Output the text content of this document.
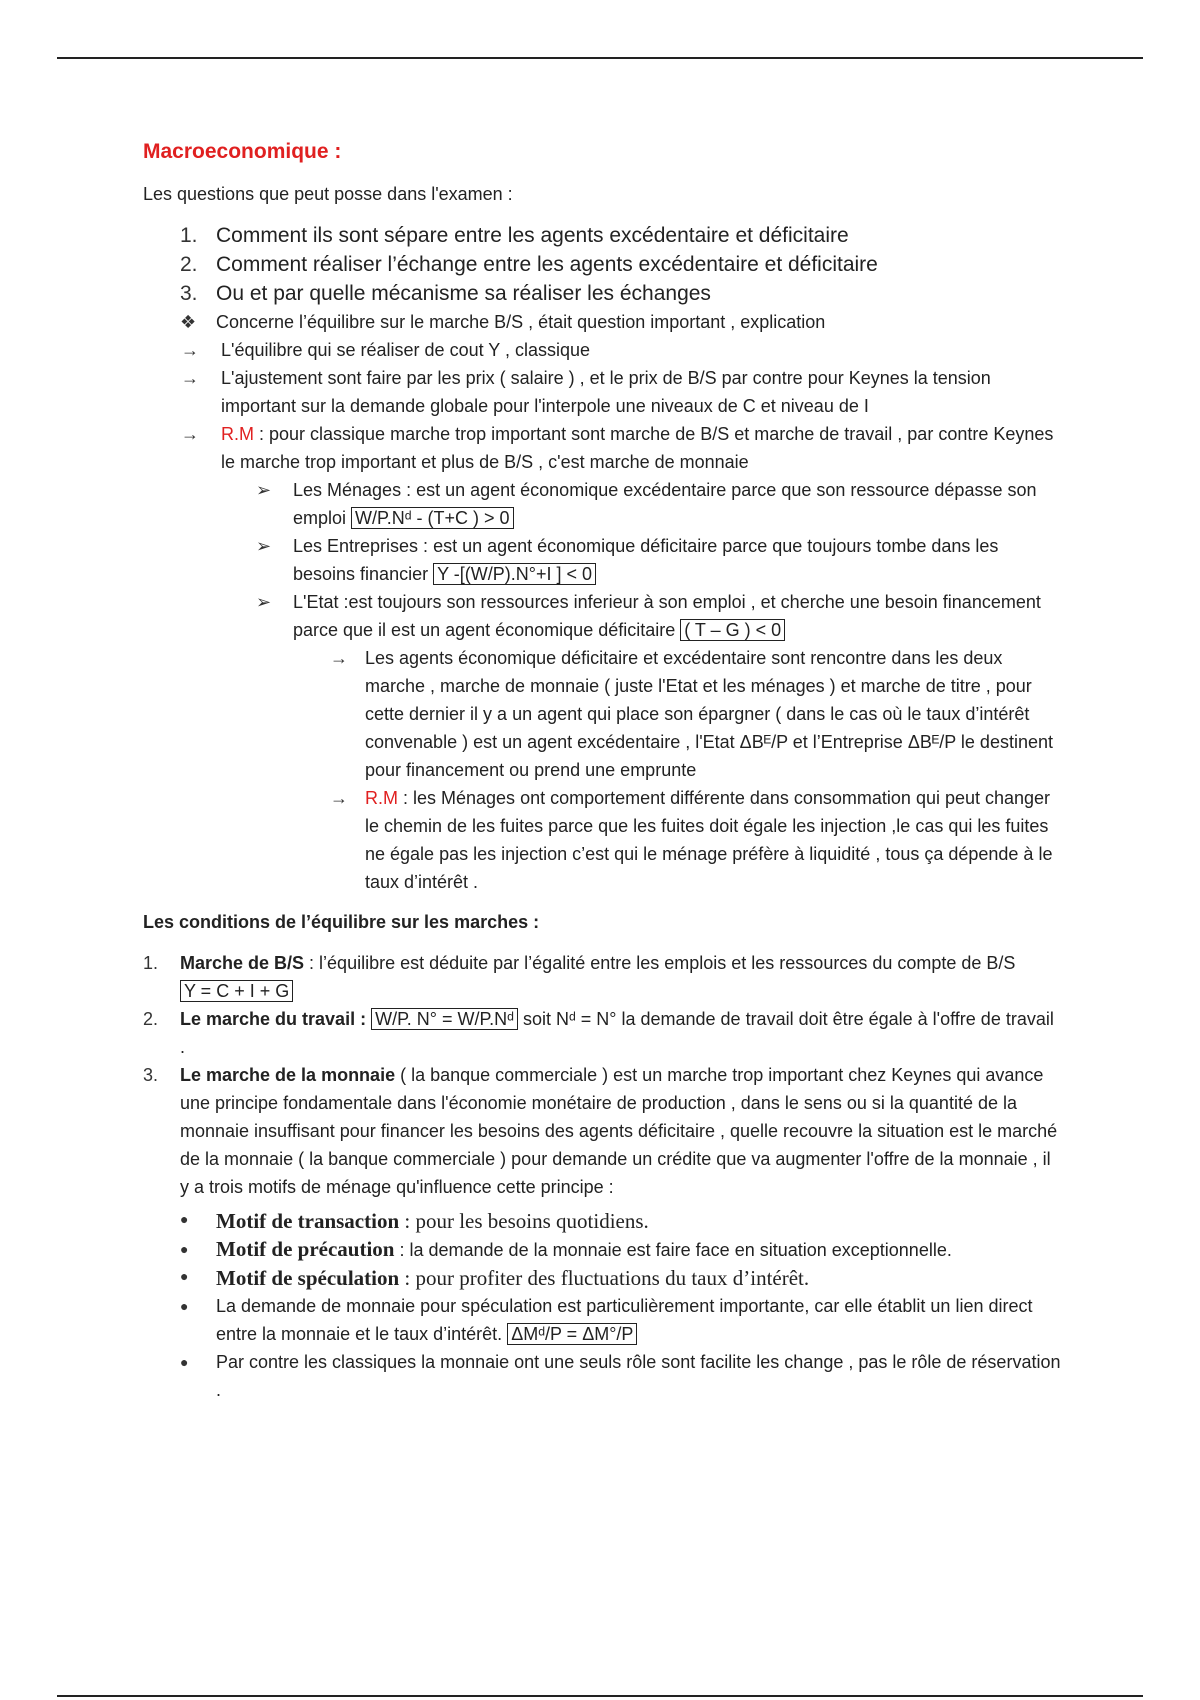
Macroeconomique :
Les questions que peut posse dans l'examen :
1. Comment ils sont sépare entre les agents excédentaire et déficitaire
2. Comment réaliser l’échange entre les agents excédentaire et déficitaire
3. Ou et par quelle mécanisme sa réaliser les échanges
❖ Concerne l’équilibre sur le marche B/S , était question important , explication
→ L'équilibre qui se réaliser de cout Y , classique
→ L'ajustement sont faire par les prix ( salaire ) , et le prix de B/S par contre pour Keynes la tension important sur la demande globale pour l'interpole une niveaux de C et niveau de I
→ R.M : pour classique marche trop important sont marche de B/S et marche de travail , par contre Keynes le marche trop important et plus de B/S , c'est marche de monnaie
➢ Les Ménages : est un agent économique excédentaire parce que son ressource dépasse son emploi W/P.Nᵈ - (T+C ) > 0
➢ Les Entreprises : est un agent économique déficitaire parce que toujours tombe dans les besoins financier Y -[(W/P).N°+I ] < 0
➢ L'Etat :est toujours son ressources inferieur à son emploi , et cherche une besoin financement parce que il est un agent économique déficitaire ( T – G ) < 0
→ Les agents économique déficitaire et excédentaire sont rencontre dans les deux marche , marche de monnaie ( juste l'Etat et les ménages ) et marche de titre , pour cette dernier il y a un agent qui place son épargner ( dans le cas où le taux d’intérêt convenable ) est un agent excédentaire , l'Etat ΔBᴱ/P et l’Entreprise ΔBᴱ/P le destinent pour financement ou prend une emprunte
→ R.M : les Ménages ont comportement différente dans consommation qui peut changer le chemin de les fuites parce que les fuites doit égale les injection ,le cas qui les fuites ne égale pas les injection c’est qui le ménage préfère à liquidité , tous ça dépende à le taux d’intérêt .
Les conditions de l’équilibre sur les marches :
1. Marche de B/S : l’équilibre est déduite par l’égalité entre les emplois et les ressources du compte de B/S Y = C + I + G
2. Le marche du travail : W/P. N° = W/P.Nᵈ soit Nᵈ = N° la demande de travail doit être égale à l'offre de travail .
3. Le marche de la monnaie ( la banque commerciale ) est un marche trop important chez Keynes qui avance une principe fondamentale dans l'économie monétaire de production , dans le sens ou si la quantité de la monnaie insuffisant pour financer les besoins des agents déficitaire , quelle recouvre la situation est le marché de la monnaie ( la banque commerciale ) pour demande un crédite que va augmenter l'offre de la monnaie , il y a trois motifs de ménage qu'influence cette principe :
● Motif de transaction : pour les besoins quotidiens.
● Motif de précaution : la demande de la monnaie est faire face en situation exceptionnelle.
● Motif de spéculation : pour profiter des fluctuations du taux d’intérêt.
● La demande de monnaie pour spéculation est particulièrement importante, car elle établit un lien direct entre la monnaie et le taux d’intérêt. ΔMᵈ/P = ΔM°/P
● Par contre les classiques la monnaie ont une seuls rôle sont facilite les change , pas le rôle de réservation .
